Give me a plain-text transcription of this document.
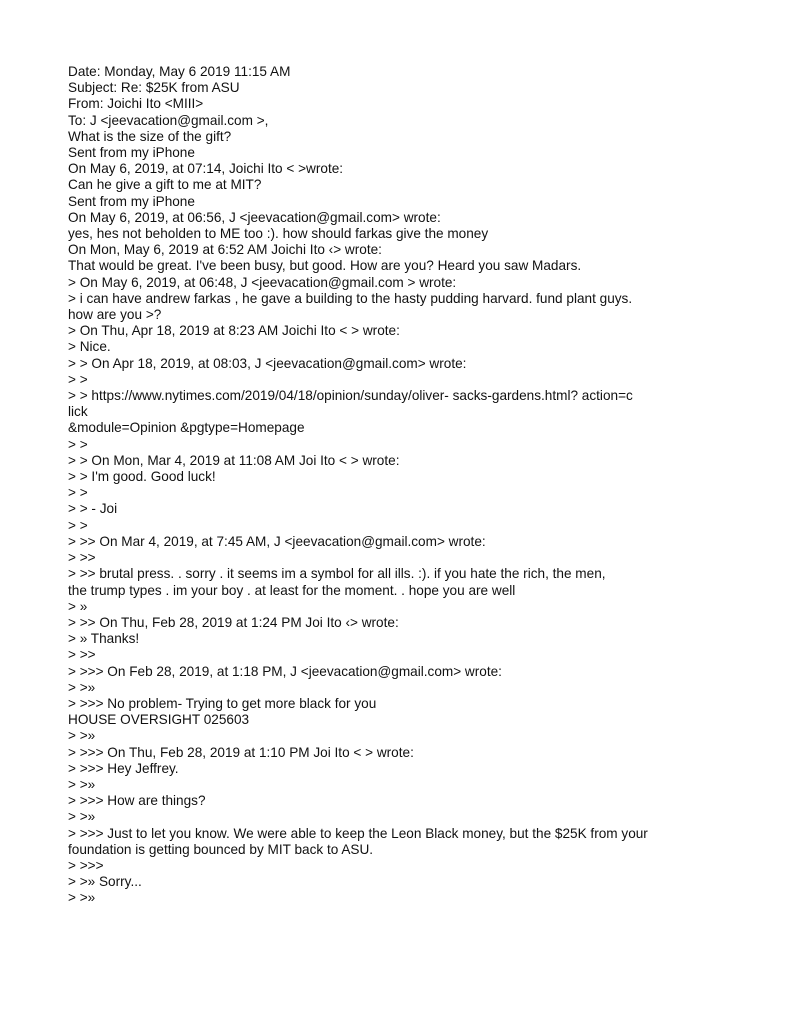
Date: Monday, May 6 2019 11:15 AM

Subject: Re: $25K from ASU

From: Joichi Ito <MIII>

To: J <jeevacation@gmail.com >,

What is the size of the gift?

Sent from my iPhone

On May 6, 2019, at 07:14, Joichi Ito < >wrote:

Can he give a gift to me at MIT?

Sent from my iPhone

On May 6, 2019, at 06:56, J <jeevacation@gmail.com> wrote:

yes, hes not beholden to ME too :). how should farkas give the money

On Mon, May 6, 2019 at 6:52 AM Joichi Ito ‹> wrote:

That would be great. I've been busy, but good. How are you? Heard you saw Madars.

> On May 6, 2019, at 06:48, J <jeevacation@gmail.com > wrote:

> i can have andrew farkas , he gave a building to the hasty pudding harvard. fund plant guys.

how are you >?

> On Thu, Apr 18, 2019 at 8:23 AM Joichi Ito < > wrote:

> Nice.

> > On Apr 18, 2019, at 08:03, J <jeevacation@gmail.com> wrote:

> >

> > https://www.nytimes.com/2019/04/18/opinion/sunday/oliver- sacks-gardens.html? action=c

lick

&module=Opinion &pgtype=Homepage

> >

> > On Mon, Mar 4, 2019 at 11:08 AM Joi Ito < > wrote:

> > I'm good. Good luck!

> >

> > - Joi

> >

> >> On Mar 4, 2019, at 7:45 AM, J <jeevacation@gmail.com> wrote:

> >>

> >> brutal press. . sorry . it seems im a symbol for all ills. :). if you hate the rich, the men,

the trump types . im your boy . at least for the moment. . hope you are well

> »

> >> On Thu, Feb 28, 2019 at 1:24 PM Joi Ito ‹> wrote:

> » Thanks!

> >>

> >>> On Feb 28, 2019, at 1:18 PM, J <jeevacation@gmail.com> wrote:

> >»

> >>> No problem- Trying to get more black for you

HOUSE OVERSIGHT 025603

> >»

> >>> On Thu, Feb 28, 2019 at 1:10 PM Joi Ito < > wrote:

> >>> Hey Jeffrey.

> >»

> >>> How are things?

> >»

> >>> Just to let you know. We were able to keep the Leon Black money, but the $25K from your

foundation is getting bounced by MIT back to ASU.

> >>>

> >» Sorry...

> >»
